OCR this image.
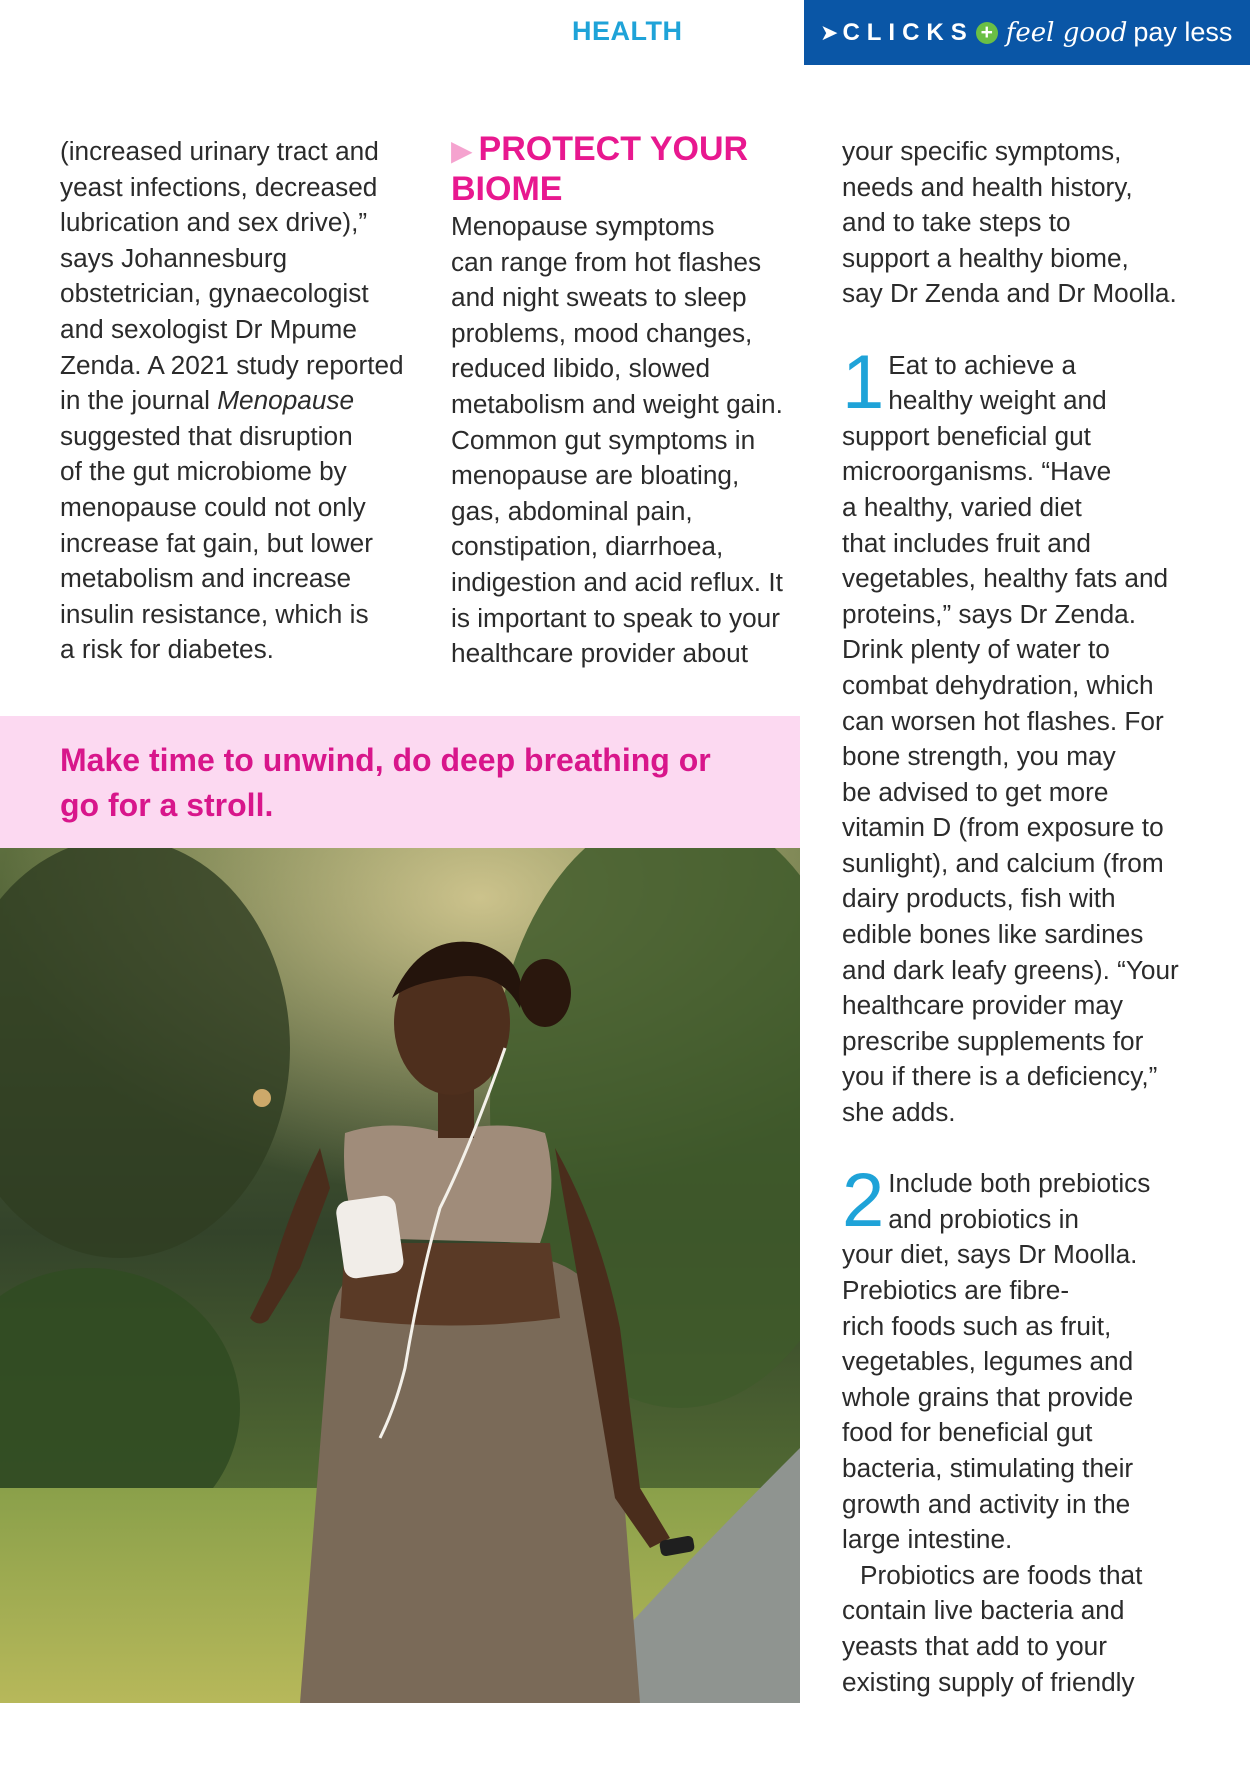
HEALTH	➤ CLICKS + feel good pay less

(increased urinary tract and

yeast infections, decreased

lubrication and sex drive),”

says Johannesburg

obstetrician, gynaecologist

and sexologist Dr Mpume

Zenda. A 2021 study reported

in the journal Menopause

suggested that disruption

of the gut microbiome by

menopause could not only

increase fat gain, but lower

metabolism and increase

insulin resistance, which is

a risk for diabetes.

▶ PROTECT YOUR BIOME

Menopause symptoms

can range from hot flashes

and night sweats to sleep

problems, mood changes,

reduced libido, slowed

metabolism and weight gain.

Common gut symptoms in

menopause are bloating,

gas, abdominal pain,

constipation, diarrhoea,

indigestion and acid reflux. It

is important to speak to your

healthcare provider about

your specific symptoms,

needs and health history,

and to take steps to

support a healthy biome,

say Dr Zenda and Dr Moolla.

1 Eat to achieve a

healthy weight and

support beneficial gut

microorganisms. “Have

a healthy, varied diet

that includes fruit and

vegetables, healthy fats and

proteins,” says Dr Zenda.

Drink plenty of water to

combat dehydration, which

can worsen hot flashes. For

bone strength, you may

be advised to get more

vitamin D (from exposure to

sunlight), and calcium (from

dairy products, fish with

edible bones like sardines

and dark leafy greens). “Your

healthcare provider may

prescribe supplements for

you if there is a deficiency,”

she adds.

2 Include both prebiotics

and probiotics in

your diet, says Dr Moolla.

Prebiotics are fibre-

rich foods such as fruit,

vegetables, legumes and

whole grains that provide

food for beneficial gut

bacteria, stimulating their

growth and activity in the

large intestine.

Probiotics are foods that

contain live bacteria and

yeasts that add to your

existing supply of friendly

Make time to unwind, do deep breathing or

go for a stroll.
